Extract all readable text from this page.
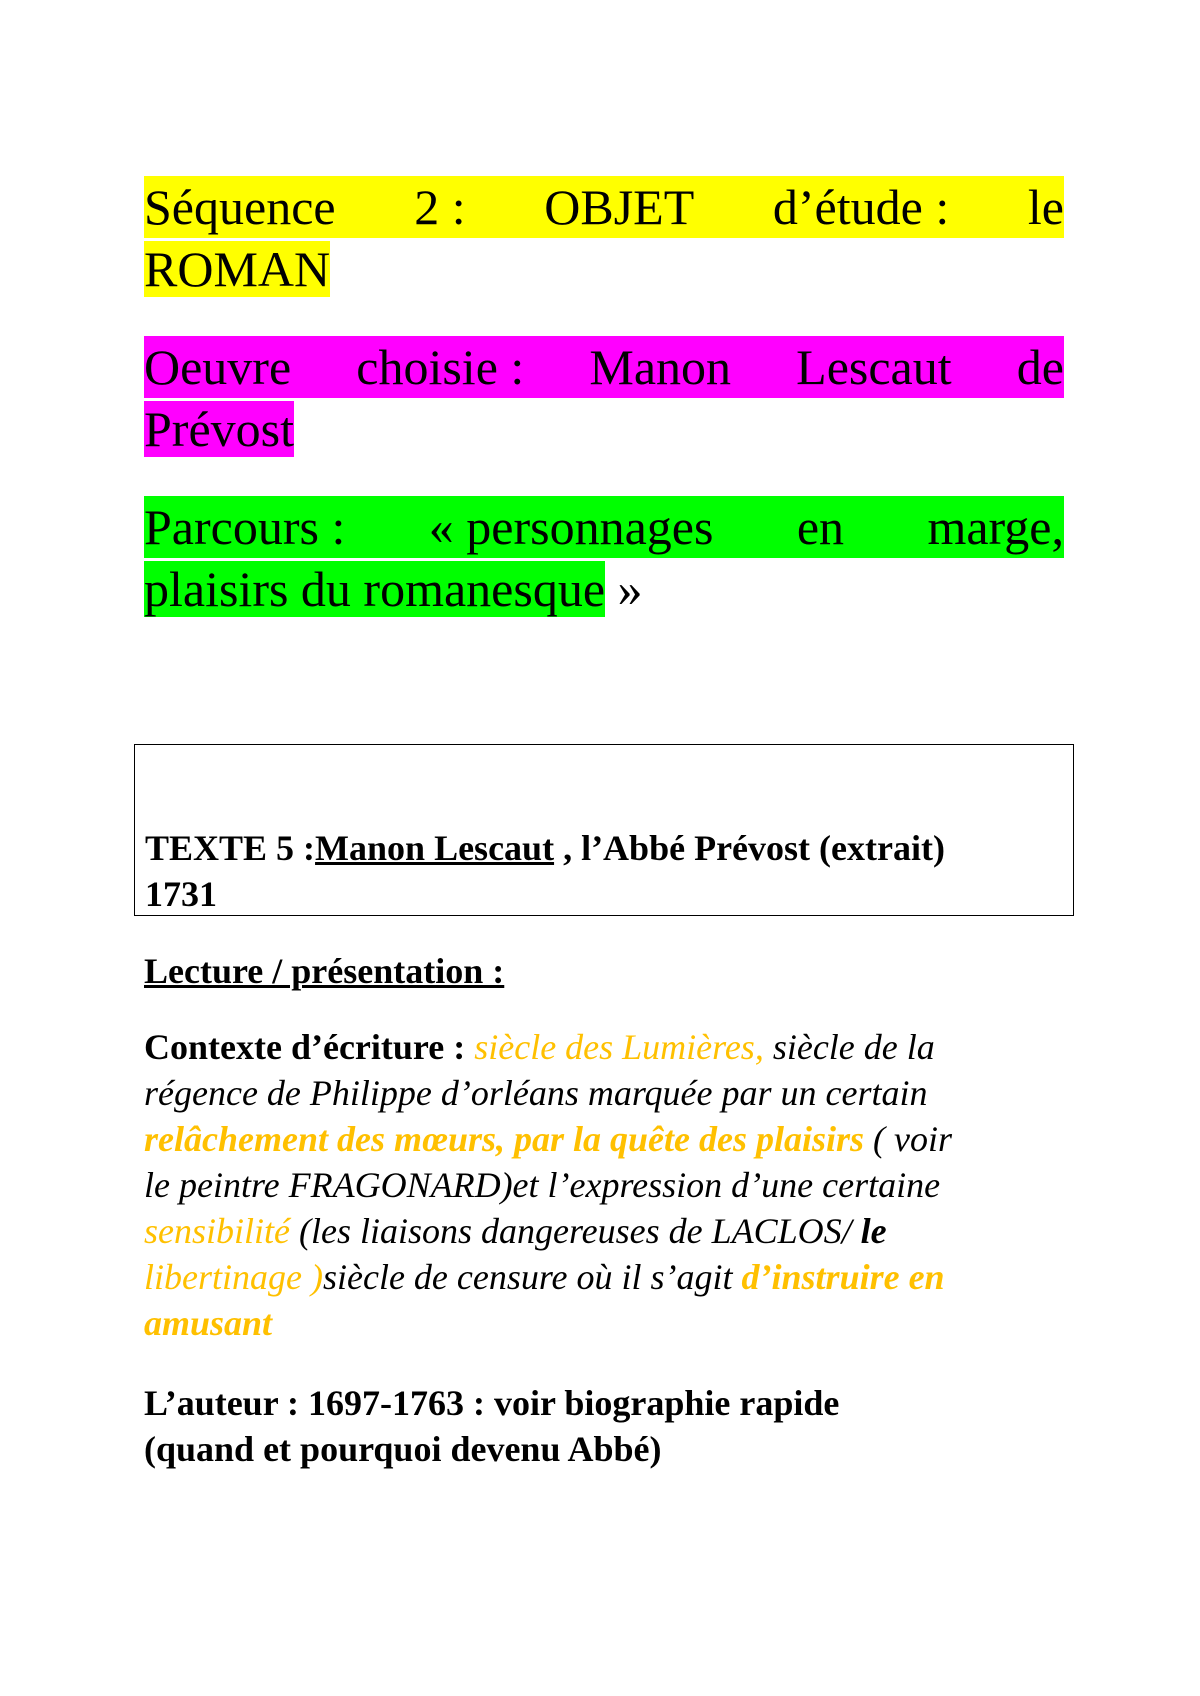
Séquence 2 : OBJET d’étude : le
ROMAN
Oeuvre choisie : Manon Lescaut de
Prévost
Parcours : « personnages en marge,
plaisirs du romanesque »
TEXTE 5 :Manon Lescaut , l’Abbé Prévost (extrait)
1731
Lecture / présentation :
Contexte d’écriture : siècle des Lumières, siècle de la
régence de Philippe d’orléans marquée par un certain
relâchement des mœurs, par la quête des plaisirs ( voir
le peintre FRAGONARD)et l’expression d’une certaine
sensibilité (les liaisons dangereuses de LACLOS/ le
libertinage )siècle de censure où il s’agit d’instruire en
amusant
L’auteur : 1697-1763 : voir biographie rapide
(quand et pourquoi devenu Abbé)
